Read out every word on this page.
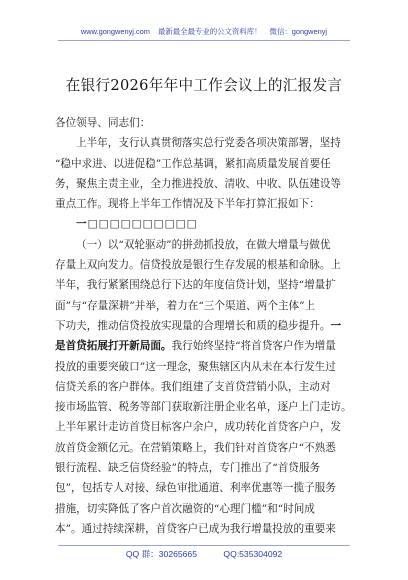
www.gongwenyj.com 最新最全最专业的公文资料库！ 微信：gongwenyj
在银行2026年年中工作会议上的汇报发言
各位领导、同志们：
上半年，支行认真贯彻落实总行党委各项决策部署，坚持
“稳中求进、以进促稳”工作总基调，紧扣高质量发展首要任
务，聚焦主责主业，全力推进投放、清收、中收、队伍建设等
重点工作。现将上半年工作情况及下半年打算汇报如下：
一□□□□□□□□□□
（一）以“双轮驱动”的拼劲抓投放，在做大增量与做优
存量上双向发力。信贷投放是银行生存发展的根基和命脉。上
半年，我行紧紧围绕总行下达的年度信贷计划，坚持“增量扩
面”与“存量深耕”并举，着力在“三个渠道、两个主体”上
下功夫，推动信贷投放实现量的合理增长和质的稳步提升。一
是首贷拓展打开新局面。我行始终坚持“将首贷客户作为增量
投放的重要突破口”这一理念，聚焦辖区内从未在本行发生过
信贷关系的客户群体。我们组建了支首贷营销小队，主动对
接市场监管、税务等部门获取新注册企业名单，逐户上门走访。
上半年累计走访首贷目标客户余户，成功转化首贷客户户，发
放首贷金额亿元。在营销策略上，我们针对首贷客户“不熟悉
银行流程、缺乏信贷经验”的特点，专门推出了“首贷服务
包”，包括专人对接、绿色审批通道、利率优惠等一揽子服务
措施，切实降低了客户首次融资的“心理门槛”和“时间成
本”。通过持续深耕，首贷客户已成为我行增量投放的重要来
QQ 群：30265665	QQ:535304092
